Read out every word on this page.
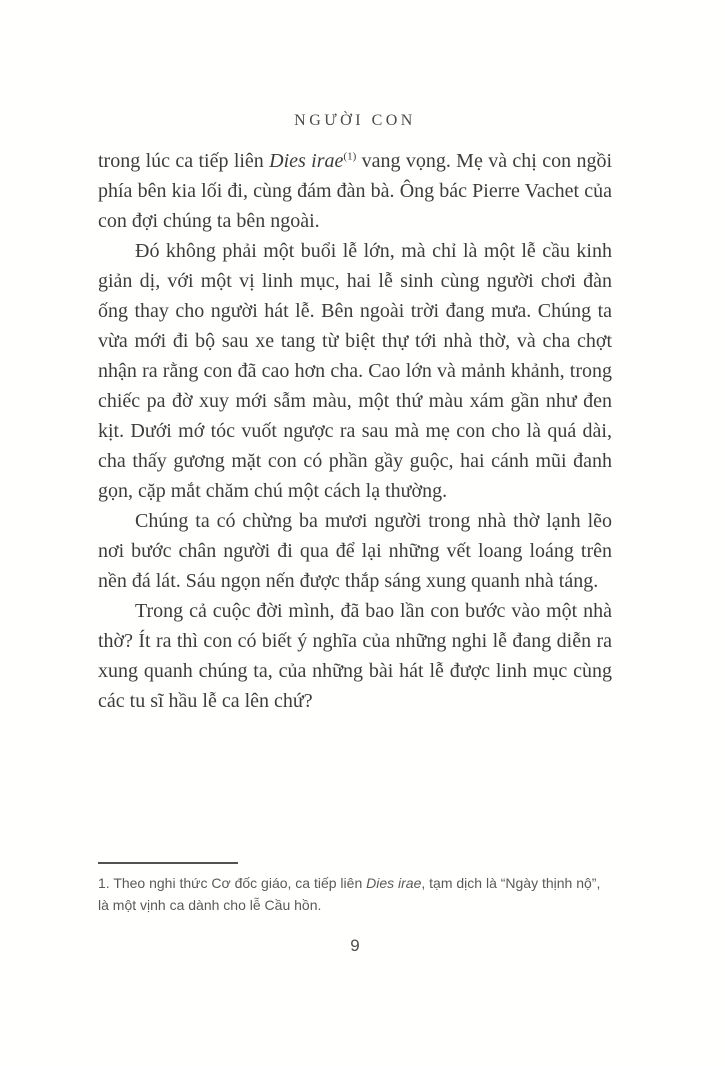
NGƯỜI CON

trong lúc ca tiếp liên Dies irae$^{(1)}$ vang vọng. Mẹ và chị con ngồi phía bên kia lối đi, cùng đám đàn bà. Ông bác Pierre Vachet của con đợi chúng ta bên ngoài.

Đó không phải một buổi lễ lớn, mà chỉ là một lễ cầu kinh giản dị, với một vị linh mục, hai lễ sinh cùng người chơi đàn ống thay cho người hát lễ. Bên ngoài trời đang mưa. Chúng ta vừa mới đi bộ sau xe tang từ biệt thự tới nhà thờ, và cha chợt nhận ra rằng con đã cao hơn cha. Cao lớn và mảnh khảnh, trong chiếc pa đờ xuy mới sẫm màu, một thứ màu xám gần như đen kịt. Dưới mớ tóc vuốt ngược ra sau mà mẹ con cho là quá dài, cha thấy gương mặt con có phần gầy guộc, hai cánh mũi đanh gọn, cặp mắt chăm chú một cách lạ thường.

Chúng ta có chừng ba mươi người trong nhà thờ lạnh lẽo nơi bước chân người đi qua để lại những vết loang loáng trên nền đá lát. Sáu ngọn nến được thắp sáng xung quanh nhà táng.

Trong cả cuộc đời mình, đã bao lần con bước vào một nhà thờ? Ít ra thì con có biết ý nghĩa của những nghi lễ đang diễn ra xung quanh chúng ta, của những bài hát lễ được linh mục cùng các tu sĩ hầu lễ ca lên chứ?

1. Theo nghi thức Cơ đốc giáo, ca tiếp liên Dies irae, tạm dịch là “Ngày thịnh nộ”, là một vịnh ca dành cho lễ Cầu hồn.

9
